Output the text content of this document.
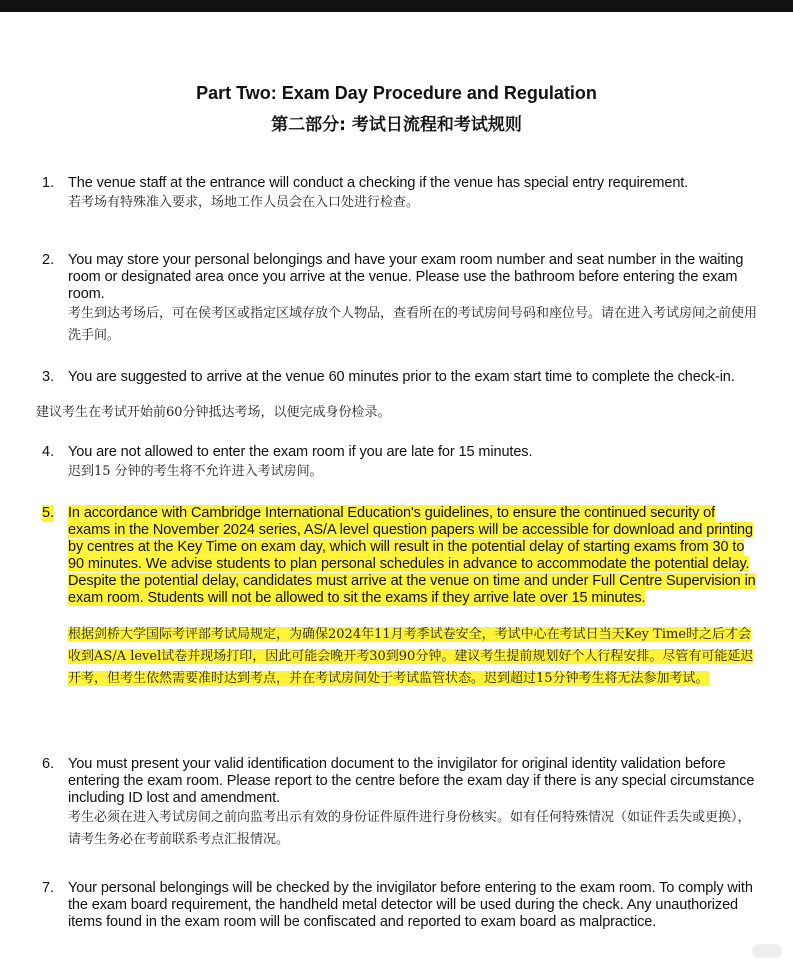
Part Two: Exam Day Procedure and Regulation
第二部分: 考试日流程和考试规则
1. The venue staff at the entrance will conduct a checking if the venue has special entry requirement.
若考场有特殊准入要求，场地工作人员会在入口处进行检查。
2. You may store your personal belongings and have your exam room number and seat number in the waiting room or designated area once you arrive at the venue. Please use the bathroom before entering the exam room.
考生到达考场后，可在侯考区或指定区域存放个人物品，查看所在的考试房间号码和座位号。请在进入考试房间之前使用洗手间。
3. You are suggested to arrive at the venue 60 minutes prior to the exam start time to complete the check-in.
建议考生在考试开始前60分钟抵达考场，以便完成身份检录。
4. You are not allowed to enter the exam room if you are late for 15 minutes.
迟到15 分钟的考生将不允许进入考试房间。
5. In accordance with Cambridge International Education's guidelines, to ensure the continued security of exams in the November 2024 series, AS/A level question papers will be accessible for download and printing by centres at the Key Time on exam day, which will result in the potential delay of starting exams from 30 to 90 minutes. We advise students to plan personal schedules in advance to accommodate the potential delay. Despite the potential delay, candidates must arrive at the venue on time and under Full Centre Supervision in exam room. Students will not be allowed to sit the exams if they arrive late over 15 minutes.
根据剑桥大学国际考评部考试局规定，为确保2024年11月考季试卷安全，考试中心在考试日当天Key Time时之后才会收到AS/A level试卷并现场打印，因此可能会晚开考30到90分钟。建议考生提前规划好个人行程安排。尽管有可能延迟开考，但考生依然需要准时达到考点，并在考试房间处于考试监管状态。迟到超过15分钟考生将无法参加考试。
6. You must present your valid identification document to the invigilator for original identity validation before entering the exam room. Please report to the centre before the exam day if there is any special circumstance including ID lost and amendment.
考生必须在进入考试房间之前向监考出示有效的身份证件原件进行身份核实。如有任何特殊情况（如证件丢失或更换），请考生务必在考前联系考点汇报情况。
7. Your personal belongings will be checked by the invigilator before entering to the exam room. To comply with the exam board requirement, the handheld metal detector will be used during the check. Any unauthorized items found in the exam room will be confiscated and reported to exam board as malpractice.
